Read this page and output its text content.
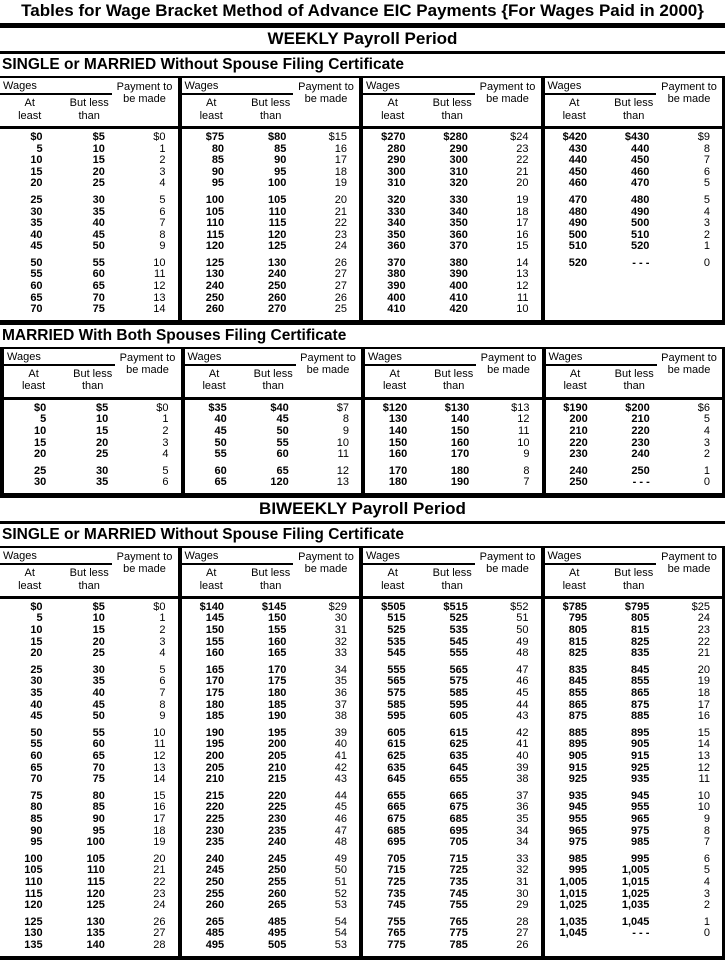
Tables for Wage Bracket Method of Advance EIC Payments {For Wages Paid in 2000}
WEEKLY Payroll Period
SINGLE or MARRIED Without Spouse Filing Certificate
Wages
At least
But less than
Payment to be made
$0	$5	$0
5	10	1
10	15	2
15	20	3
20	25	4
25	30	5
30	35	6
35	40	7
40	45	8
45	50	9
50	55	10
55	60	11
60	65	12
65	70	13
70	75	14
Wages
At least
But less than
Payment to be made
$75	$80	$15
80	85	16
85	90	17
90	95	18
95	100	19
100	105	20
105	110	21
110	115	22
115	120	23
120	125	24
125	130	26
130	240	27
240	250	27
250	260	26
260	270	25
Wages
At least
But less than
Payment to be made
$270	$280	$24
280	290	23
290	300	22
300	310	21
310	320	20
320	330	19
330	340	18
340	350	17
350	360	16
360	370	15
370	380	14
380	390	13
390	400	12
400	410	11
410	420	10
Wages
At least
But less than
Payment to be made
$420	$430	$9
430	440	8
440	450	7
450	460	6
460	470	5
470	480	5
480	490	4
490	500	3
500	510	2
510	520	1
520	- - -	0
MARRIED With Both Spouses Filing Certificate
Wages
At least
But less than
Payment to be made
$0	$5	$0
5	10	1
10	15	2
15	20	3
20	25	4
25	30	5
30	35	6
Wages
At least
But less than
Payment to be made
$35	$40	$7
40	45	8
45	50	9
50	55	10
55	60	11
60	65	12
65	120	13
Wages
At least
But less than
Payment to be made
$120	$130	$13
130	140	12
140	150	11
150	160	10
160	170	9
170	180	8
180	190	7
Wages
At least
But less than
Payment to be made
$190	$200	$6
200	210	5
210	220	4
220	230	3
230	240	2
240	250	1
250	- - -	0
BIWEEKLY Payroll Period
SINGLE or MARRIED Without Spouse Filing Certificate
Wages
At least
But less than
Payment to be made
$0	$5	$0
5	10	1
10	15	2
15	20	3
20	25	4
25	30	5
30	35	6
35	40	7
40	45	8
45	50	9
50	55	10
55	60	11
60	65	12
65	70	13
70	75	14
75	80	15
80	85	16
85	90	17
90	95	18
95	100	19
100	105	20
105	110	21
110	115	22
115	120	23
120	125	24
125	130	26
130	135	27
135	140	28
Wages
At least
But less than
Payment to be made
$140	$145	$29
145	150	30
150	155	31
155	160	32
160	165	33
165	170	34
170	175	35
175	180	36
180	185	37
185	190	38
190	195	39
195	200	40
200	205	41
205	210	42
210	215	43
215	220	44
220	225	45
225	230	46
230	235	47
235	240	48
240	245	49
245	250	50
250	255	51
255	260	52
260	265	53
265	485	54
485	495	54
495	505	53
Wages
At least
But less than
Payment to be made
$505	$515	$52
515	525	51
525	535	50
535	545	49
545	555	48
555	565	47
565	575	46
575	585	45
585	595	44
595	605	43
605	615	42
615	625	41
625	635	40
635	645	39
645	655	38
655	665	37
665	675	36
675	685	35
685	695	34
695	705	34
705	715	33
715	725	32
725	735	31
735	745	30
745	755	29
755	765	28
765	775	27
775	785	26
Wages
At least
But less than
Payment to be made
$785	$795	$25
795	805	24
805	815	23
815	825	22
825	835	21
835	845	20
845	855	19
855	865	18
865	875	17
875	885	16
885	895	15
895	905	14
905	915	13
915	925	12
925	935	11
935	945	10
945	955	10
955	965	9
965	975	8
975	985	7
985	995	6
995	1,005	5
1,005	1,015	4
1,015	1,025	3
1,025	1,035	2
1,035	1,045	1
1,045	- - -	0
